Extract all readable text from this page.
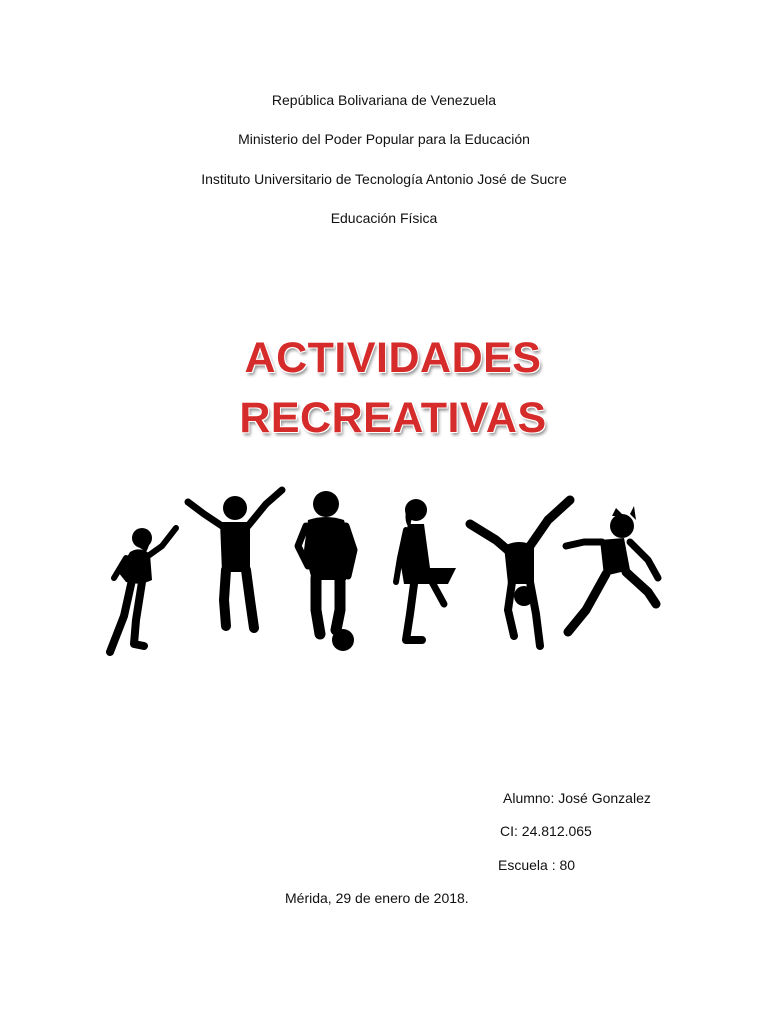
República Bolivariana de Venezuela
Ministerio del Poder Popular para la Educación
Instituto Universitario de Tecnología Antonio José de Sucre
Educación Física
ACTIVIDADES
RECREATIVAS
Alumno: José Gonzalez
CI: 24.812.065
Escuela : 80
Mérida, 29 de enero de 2018.
